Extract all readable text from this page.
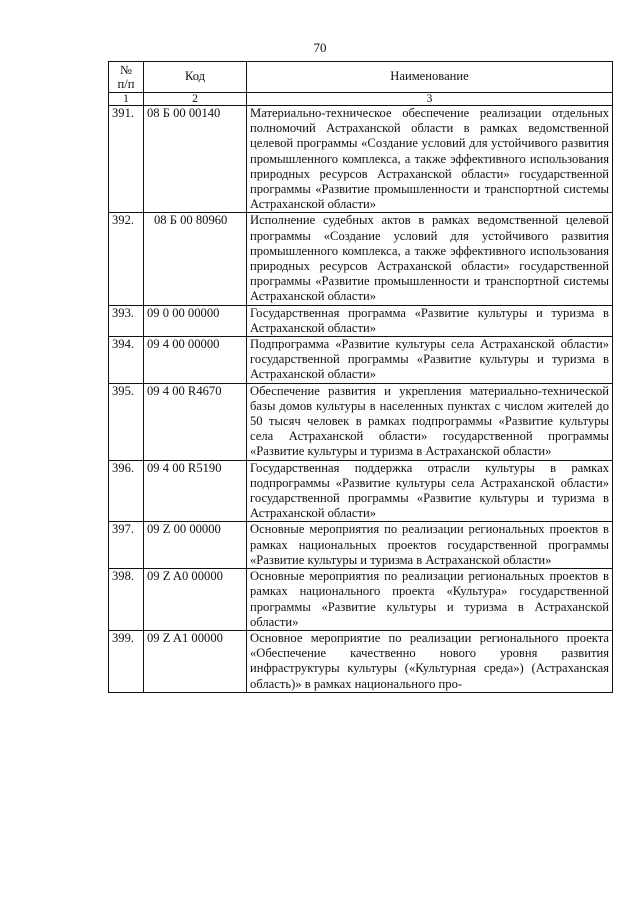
70
№
п/п	Код	Наименование
1	2	3
391.	08 Б 00 00140	Материально-техническое обеспечение реализации отдельных полномочий Астраханской области в рамках ведомственной целевой программы «Создание условий для устойчивого развития промышленного комплекса, а также эффективного использования природных ресурсов Астраханской области» государственной программы «Развитие промышленности и транспортной системы Астраханской области»
392.	08 Б 00 80960	Исполнение судебных актов в рамках ведомственной целевой программы «Создание условий для устойчивого развития промышленного комплекса, а также эффективного использования природных ресурсов Астраханской области» государственной программы «Развитие промышленности и транспортной системы Астраханской области»
393.	09 0 00 00000	Государственная программа «Развитие культуры и туризма в Астраханской области»
394.	09 4 00 00000	Подпрограмма «Развитие культуры села Астраханской области» государственной программы «Развитие культуры и туризма в Астраханской области»
395.	09 4 00 R4670	Обеспечение развития и укрепления материально-технической базы домов культуры в населенных пунктах с числом жителей до 50 тысяч человек в рамках подпрограммы «Развитие культуры села Астраханской области» государственной программы «Развитие культуры и туризма в Астраханской области»
396.	09 4 00 R5190	Государственная поддержка отрасли культуры в рамках подпрограммы «Развитие культуры села Астраханской области» государственной программы «Развитие культуры и туризма в Астраханской области»
397.	09 Z 00 00000	Основные мероприятия по реализации региональных проектов в рамках национальных проектов государственной программы «Развитие культуры и туризма в Астраханской области»
398.	09 Z A0 00000	Основные мероприятия по реализации региональных проектов в рамках национального проекта «Культура» государственной программы «Развитие культуры и туризма в Астраханской области»
399.	09 Z A1 00000	Основное мероприятие по реализации регионального проекта «Обеспечение качественно нового уровня развития инфраструктуры культуры («Культурная среда») (Астраханская область)» в рамках национального про-
